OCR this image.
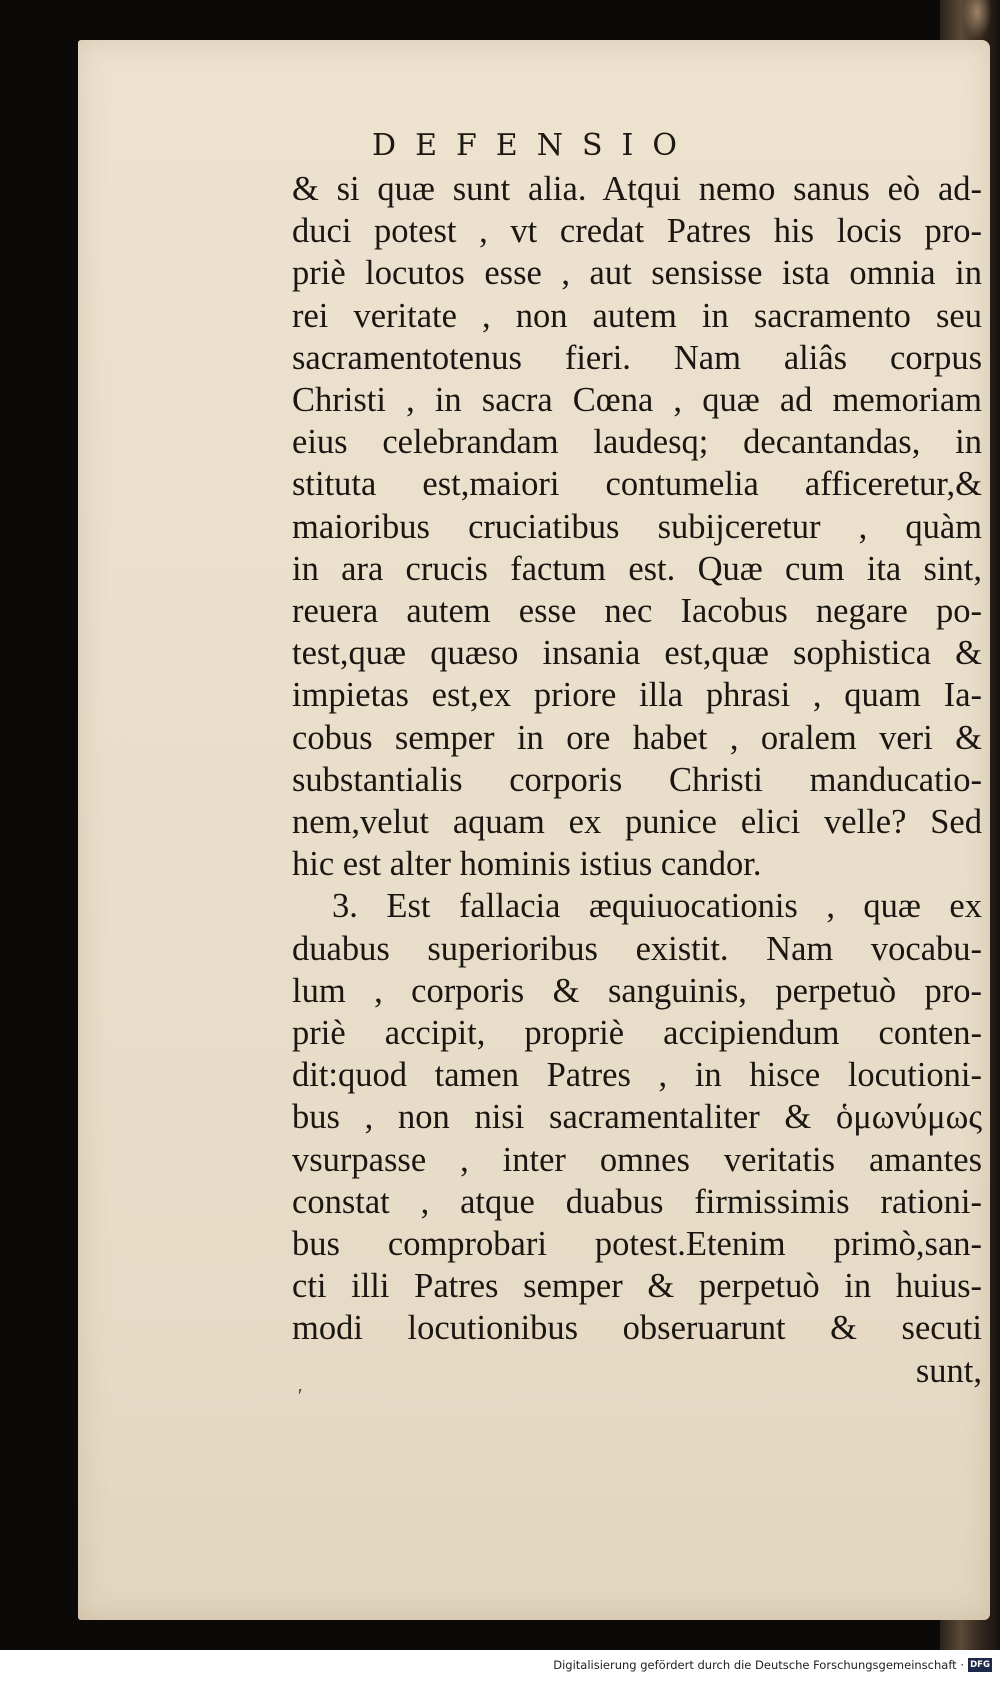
DEFENSIO
& si quæ sunt alia. Atqui nemo sanus eò ad-
duci potest , vt credat Patres his locis pro-
priè locutos esse , aut sensisse ista omnia in
rei veritate , non autem in sacramento seu
sacramentotenus fieri. Nam aliâs corpus
Christi , in sacra Cœna , quæ ad memoriam
eius celebrandam laudesq; decantandas, in
stituta est,maiori contumelia afficeretur,&
maioribus cruciatibus subijceretur , quàm
in ara crucis factum est. Quæ cum ita sint,
reuera autem esse nec Iacobus negare po-
test,quæ quæso insania est,quæ sophistica &
impietas est,ex priore illa phrasi , quam Ia-
cobus semper in ore habet , oralem veri &
substantialis corporis Christi manducatio-
nem,velut aquam ex punice elici velle? Sed
hic est alter hominis istius candor.
3. Est fallacia æquiuocationis , quæ ex
duabus superioribus existit. Nam vocabu-
lum , corporis & sanguinis, perpetuò pro-
priè accipit, propriè accipiendum conten-
dit:quod tamen Patres , in hisce locutioni-
bus , non nisi sacramentaliter & ὁμωνύμως
vsurpasse , inter omnes veritatis amantes
constat , atque duabus firmissimis rationi-
bus comprobari potest.Etenim primò,san-
cti illi Patres semper & perpetuò in huius-
modi locutionibus obseruarunt & secuti
sunt,
′
Digitalisierung gefördert durch die Deutsche Forschungsgemeinschaft · DFG
